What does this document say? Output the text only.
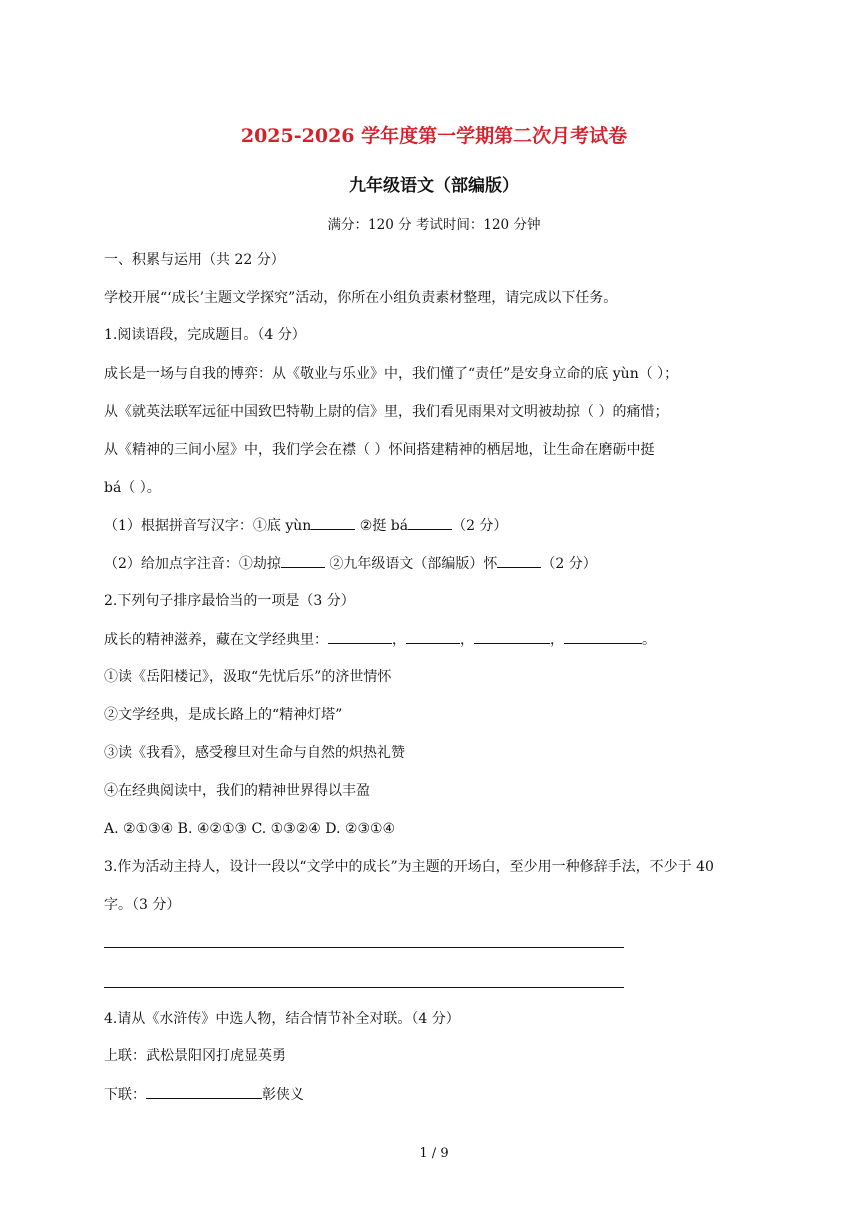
2025-2026 学年度第一学期第二次月考试卷
九年级语文（部编版）
满分：120 分 考试时间：120 分钟
一、积累与运用（共 22 分）
学校开展“‘成长’主题文学探究”活动，你所在小组负责素材整理，请完成以下任务。
1.阅读语段，完成题目。（4 分）
成长是一场与自我的博弈：从《敬业与乐业》中，我们懂了“责任”是安身立命的底 yùn（ ）；
从《就英法联军远征中国致巴特勒上尉的信》里，我们看见雨果对文明被劫掠（ ）的痛惜；
从《精神的三间小屋》中，我们学会在襟（ ）怀间搭建精神的栖居地，让生命在磨砺中挺
bá（ ）。
（1）根据拼音写汉字：①底 yùn	②挺 bá	（2 分）
（2）给加点字注音：①劫掠	②九年级语文（部编版）怀	（2 分）
2.下列句子排序最恰当的一项是（3 分）
成长的精神滋养，藏在文学经典里：	，	，	，	。
①读《岳阳楼记》，汲取“先忧后乐”的济世情怀
②文学经典，是成长路上的“精神灯塔”
③读《我看》，感受穆旦对生命与自然的炽热礼赞
④在经典阅读中，我们的精神世界得以丰盈
A. ②①③④ B. ④②①③ C. ①③②④ D. ②③①④
3.作为活动主持人，设计一段以“文学中的成长”为主题的开场白，至少用一种修辞手法，不少于 40
字。（3 分）
4.请从《水浒传》中选人物，结合情节补全对联。（4 分）
上联：武松景阳冈打虎显英勇
下联：	彰侠义
1 / 9
